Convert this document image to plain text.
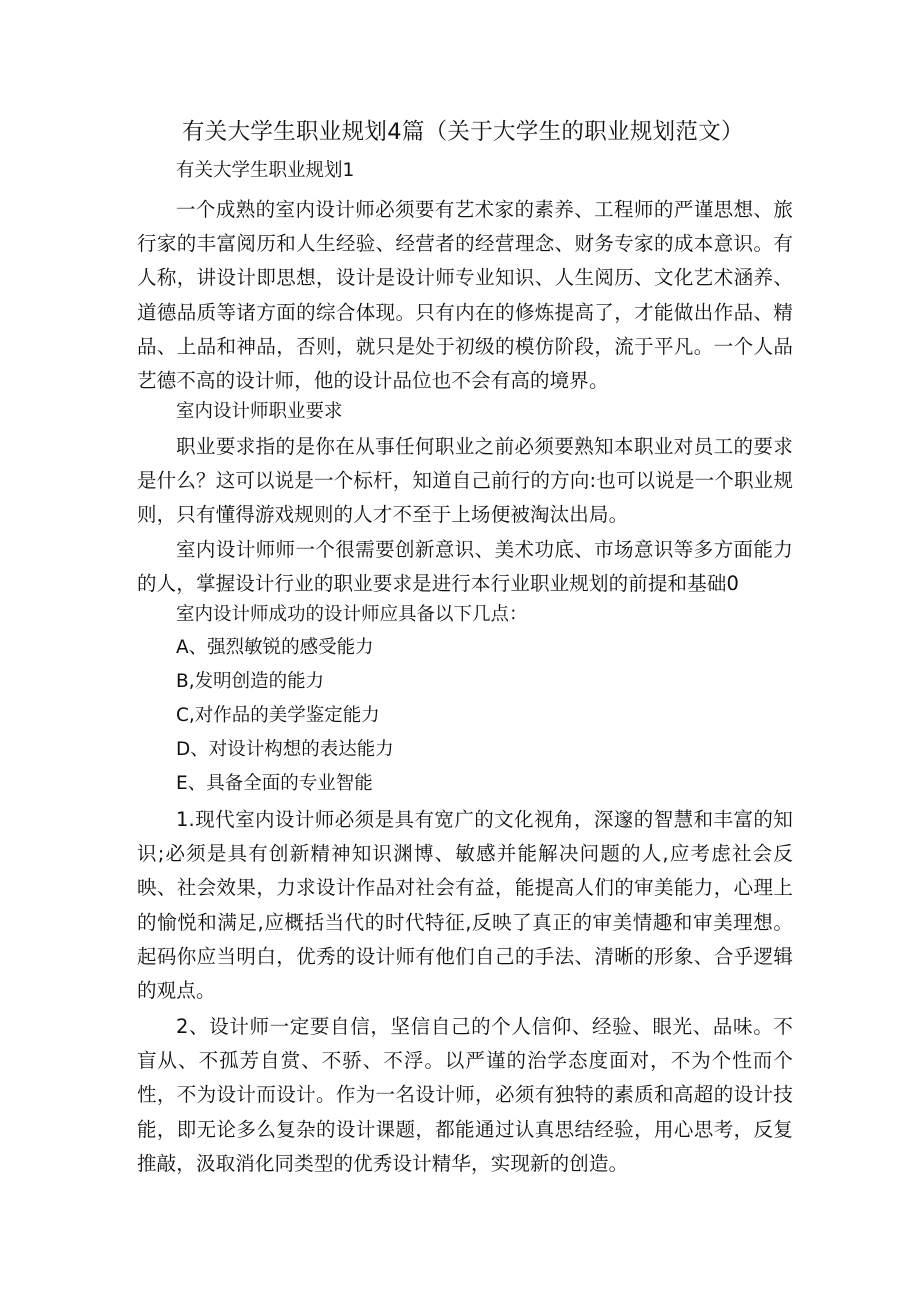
有关大学生职业规划4篇（关于大学生的职业规划范文）
有关大学生职业规划1

一个成熟的室内设计师必须要有艺术家的素养、工程师的严谨思想、旅行家的丰富阅历和人生经验、经营者的经营理念、财务专家的成本意识。有人称，讲设计即思想，设计是设计师专业知识、人生阅历、文化艺术涵养、道德品质等诸方面的综合体现。只有内在的修炼提高了，才能做出作品、精品、上品和神品，否则，就只是处于初级的模仿阶段，流于平凡。一个人品艺德不高的设计师，他的设计品位也不会有高的境界。

室内设计师职业要求

职业要求指的是你在从事任何职业之前必须要熟知本职业对员工的要求是什么？这可以说是一个标杆，知道自己前行的方向:也可以说是一个职业规则，只有懂得游戏规则的人才不至于上场便被淘汰出局。

室内设计师师一个很需要创新意识、美术功底、市场意识等多方面能力的人，掌握设计行业的职业要求是进行本行业职业规划的前提和基础0

室内设计师成功的设计师应具备以下几点：
A、强烈敏锐的感受能力
B,发明创造的能力
C,对作品的美学鉴定能力
D、对设计构想的表达能力
E、具备全面的专业智能

1.现代室内设计师必须是具有宽广的文化视角，深邃的智慧和丰富的知识;必须是具有创新精神知识渊博、敏感并能解决问题的人,应考虑社会反映、社会效果，力求设计作品对社会有益，能提高人们的审美能力，心理上的愉悦和满足,应概括当代的时代特征,反映了真正的审美情趣和审美理想。起码你应当明白，优秀的设计师有他们自己的手法、清晰的形象、合乎逻辑的观点。

2、设计师一定要自信，坚信自己的个人信仰、经验、眼光、品味。不盲从、不孤芳自赏、不骄、不浮。以严谨的治学态度面对，不为个性而个性，不为设计而设计。作为一名设计师，必须有独特的素质和高超的设计技能，即无论多么复杂的设计课题，都能通过认真思结经验，用心思考，反复推敲，汲取消化同类型的优秀设计精华，实现新的创造。
